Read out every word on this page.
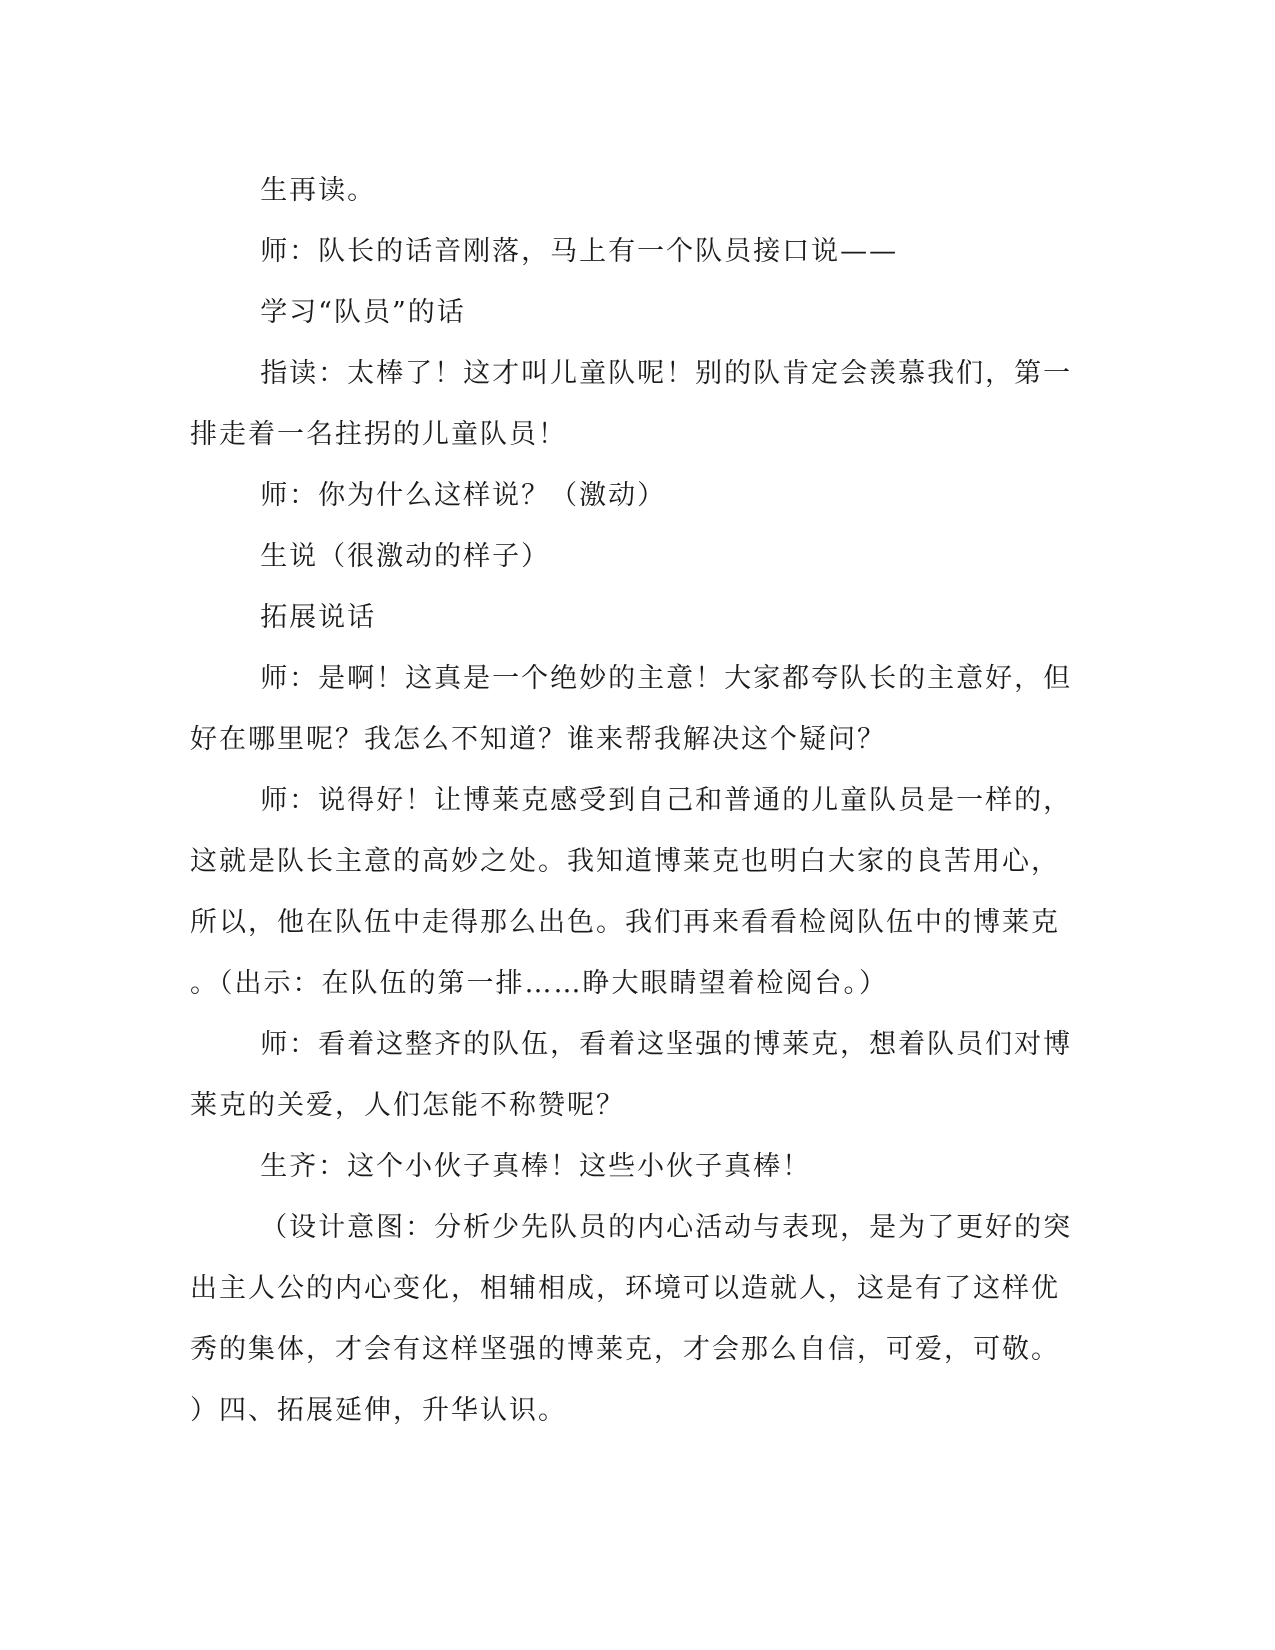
生再读。
师：队长的话音刚落，马上有一个队员接口说——
学习“队员”的话
指读：太棒了！这才叫儿童队呢！别的队肯定会羡慕我们，第一
排走着一名拄拐的儿童队员！
师：你为什么这样说？（激动）
生说（很激动的样子）
拓展说话
师：是啊！这真是一个绝妙的主意！大家都夸队长的主意好，但
好在哪里呢？我怎么不知道？谁来帮我解决这个疑问？
师：说得好！让博莱克感受到自己和普通的儿童队员是一样的，
这就是队长主意的高妙之处。我知道博莱克也明白大家的良苦用心，
所以，他在队伍中走得那么出色。我们再来看看检阅队伍中的博莱克
。（出示：在队伍的第一排……睁大眼睛望着检阅台。）
师：看着这整齐的队伍，看着这坚强的博莱克，想着队员们对博
莱克的关爱，人们怎能不称赞呢？
生齐：这个小伙子真棒！这些小伙子真棒！
（设计意图：分析少先队员的内心活动与表现，是为了更好的突
出主人公的内心变化，相辅相成，环境可以造就人，这是有了这样优
秀的集体，才会有这样坚强的博莱克，才会那么自信，可爱，可敬。
）四、拓展延伸，升华认识。
